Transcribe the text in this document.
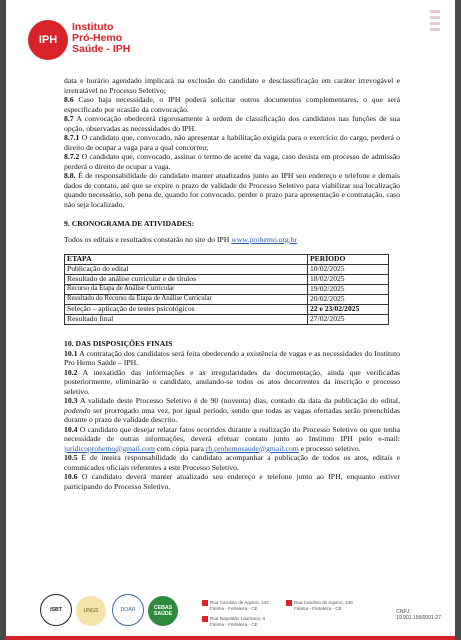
IPH
Instituto
Pró-Hemo
Saúde - IPH

data e horário agendado implicará na exclusão do candidato e desclassificação em caráter irrevogável e irretratável no Processo Seletivo;

8.6 Caso haja necessidade, o IPH poderá solicitar outros documentos complementares, o que será especificado por ocasião da convocação.

8.7 A convocação obedecerá rigorosamente à ordem de classificação dos candidatos nas funções de sua opção, observadas as necessidades do IPH.

8.7.1 O candidato que, convocado, não apresentar a habilitação exigida para o exercício do cargo, perderá o direito de ocupar a vaga para a qual concorreu;

8.7.2 O candidato que, convocado, assinar o termo de aceite da vaga, caso desista em processo de admissão perderá o direito de ocupar a vaga.

8.8. É de responsabilidade do candidato manter atualizados junto ao IPH seu endereço e telefone e demais dados de contato, até que se expire o prazo de validade do Processo Seletivo para viabilizar sua localização quando necessário, sob pena de, quando for convocado, perder o prazo para apresentação e contratação, caso não seja localizado.

9. CRONOGRAMA DE ATIVIDADES:

Todos os editais e resultados constarão no site do IPH www.prohemo.org.br

ETAPA	PERÍODO
Publicação do edital	10/02/2025
Resultado de análise curricular e de títulos	18/02/2025
Recurso da Etapa de Análise Curricular	19/02/2025
Resultado do Recurso da Etapa de Análise Curricular	20/02/2025
Seleção – aplicação de testes psicológicos	22 e 23/02/2025
Resultado final	27/02/2025

10. DAS DISPOSIÇÕES FINAIS

10.1 A contratação dos candidatos será feita obedecendo a existência de vagas e as necessidades do Instituto Pro Hemo Saúde – IPH.

10.2 A inexatidão das informações e as irregularidades da documentação, ainda que verificadas posteriormente, eliminarão o candidato, anulando-se todos os atos decorrentes da inscrição e processo seletivo.

10.3 A validade deste Processo Seletivo é de 90 (noventa) dias, contado da data da publicação do edital, podendo ser prorrogado uma vez, por igual período, sendo que todas as vagas ofertadas serão preenchidas durante o prazo de validade descrito.

10.4 O candidato que desejar relatar fatos ocorridos durante a realização do Processo Seletivo ou que tenha necessidade de outras informações, deverá efetuar contato junto ao Instituto IPH pelo e-mail: juridicoprohemo@gmail.com com cópia para rh.prohemosaude@gmail.com e processo seletivo.

10.5 É de inteira responsabilidade do candidato acompanhar a publicação de todos os atos, editais e comunicados oficiais referentes a este Processo Seletivo.

10.6 O candidato deverá manter atualizado seu endereço e telefone junto ao IPH, enquanto estiver participando do Processo Seletivo.

ISBT	UNGS	DOAR	CEBAS SAÚDE
Rua Carolina de Aquino, 143
Fátima - Fortaleza - CE
Rua Napoleão Laureano, 6
Fátima - Fortaleza - CE
Rua Carolina de Aquino, 140
Fátima - Fortaleza - CE
CNPJ:
19.901.155/0001-27
